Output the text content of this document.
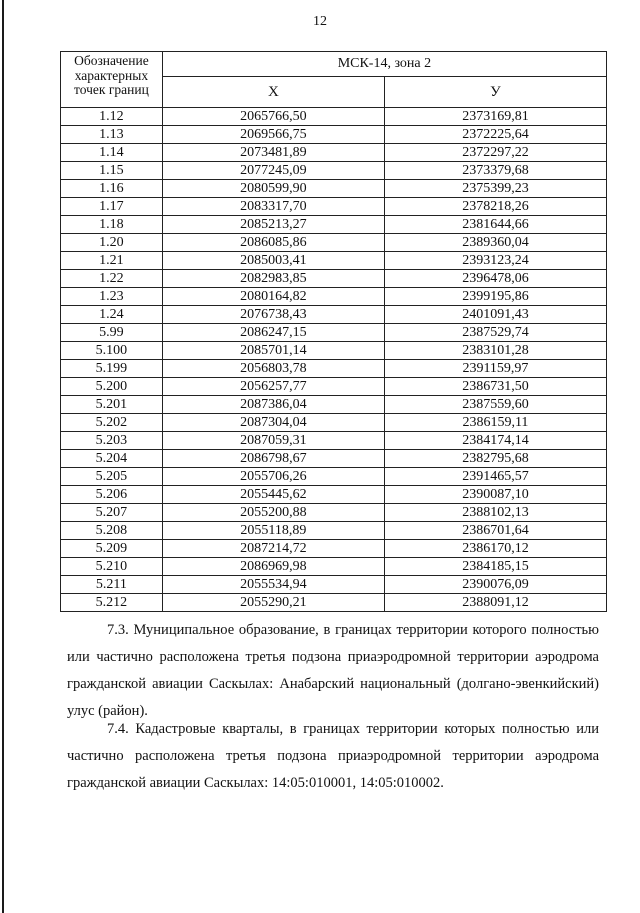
12
Обозначение характерных точек границ	МСК-14, зона 2	
	X	У
1.12	2065766,50	2373169,81
1.13	2069566,75	2372225,64
1.14	2073481,89	2372297,22
1.15	2077245,09	2373379,68
1.16	2080599,90	2375399,23
1.17	2083317,70	2378218,26
1.18	2085213,27	2381644,66
1.20	2086085,86	2389360,04
1.21	2085003,41	2393123,24
1.22	2082983,85	2396478,06
1.23	2080164,82	2399195,86
1.24	2076738,43	2401091,43
5.99	2086247,15	2387529,74
5.100	2085701,14	2383101,28
5.199	2056803,78	2391159,97
5.200	2056257,77	2386731,50
5.201	2087386,04	2387559,60
5.202	2087304,04	2386159,11
5.203	2087059,31	2384174,14
5.204	2086798,67	2382795,68
5.205	2055706,26	2391465,57
5.206	2055445,62	2390087,10
5.207	2055200,88	2388102,13
5.208	2055118,89	2386701,64
5.209	2087214,72	2386170,12
5.210	2086969,98	2384185,15
5.211	2055534,94	2390076,09
5.212	2055290,21	2388091,12

7.3. Муниципальное образование, в границах территории которого полностью или частично расположена третья подзона приаэродромной территории аэродрома гражданской авиации Саскылах: Анабарский национальный (долгано-эвенкийский) улус (район).

7.4. Кадастровые кварталы, в границах территории которых полностью или частично расположена третья подзона приаэродромной территории аэродрома гражданской авиации Саскылах: 14:05:010001, 14:05:010002.
